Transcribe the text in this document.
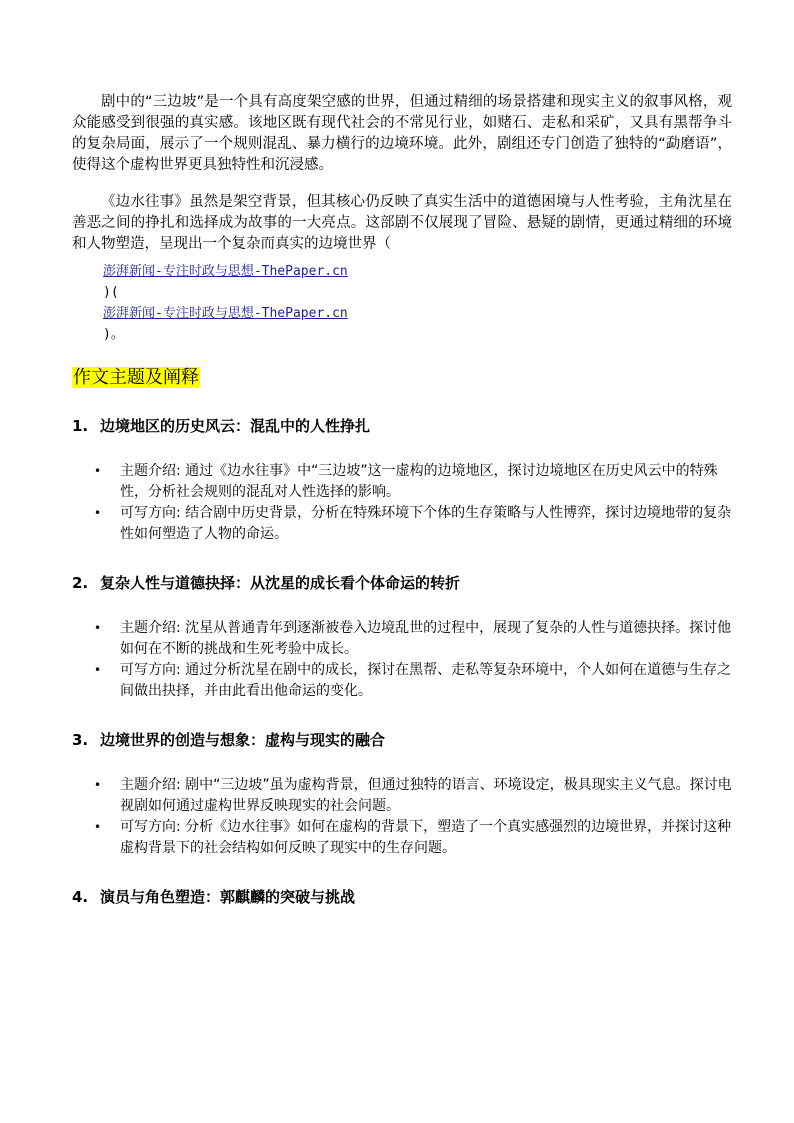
剧中的“三边坡”是一个具有高度架空感的世界，但通过精细的场景搭建和现实主义的叙事风格，观众能感受到很强的真实感。该地区既有现代社会的不常见行业，如赌石、走私和采矿，又具有黑帮争斗的复杂局面，展示了一个规则混乱、暴力横行的边境环境。此外，剧组还专门创造了独特的“勐磨语”，使得这个虚构世界更具独特性和沉浸感。

《边水往事》虽然是架空背景，但其核心仍反映了真实生活中的道德困境与人性考验，主角沈星在善恶之间的挣扎和选择成为故事的一大亮点。这部剧不仅展现了冒险、悬疑的剧情，更通过精细的环境和人物塑造，呈现出一个复杂而真实的边境世界（

澎湃新闻-专注时政与思想-ThePaper.cn
)(
澎湃新闻-专注时政与思想-ThePaper.cn
)。
作文主题及阐释
1. 边境地区的历史风云：混乱中的人性挣扎
• 主题介绍: 通过《边水往事》中“三边坡”这一虚构的边境地区，探讨边境地区在历史风云中的特殊性，分析社会规则的混乱对人性选择的影响。
• 可写方向: 结合剧中历史背景，分析在特殊环境下个体的生存策略与人性博弈，探讨边境地带的复杂性如何塑造了人物的命运。
2. 复杂人性与道德抉择：从沈星的成长看个体命运的转折
• 主题介绍: 沈星从普通青年到逐渐被卷入边境乱世的过程中，展现了复杂的人性与道德抉择。探讨他如何在不断的挑战和生死考验中成长。
• 可写方向: 通过分析沈星在剧中的成长，探讨在黑帮、走私等复杂环境中，个人如何在道德与生存之间做出抉择，并由此看出他命运的变化。
3. 边境世界的创造与想象：虚构与现实的融合
• 主题介绍: 剧中“三边坡”虽为虚构背景，但通过独特的语言、环境设定，极具现实主义气息。探讨电视剧如何通过虚构世界反映现实的社会问题。
• 可写方向: 分析《边水往事》如何在虚构的背景下，塑造了一个真实感强烈的边境世界，并探讨这种虚构背景下的社会结构如何反映了现实中的生存问题。
4. 演员与角色塑造：郭麒麟的突破与挑战
